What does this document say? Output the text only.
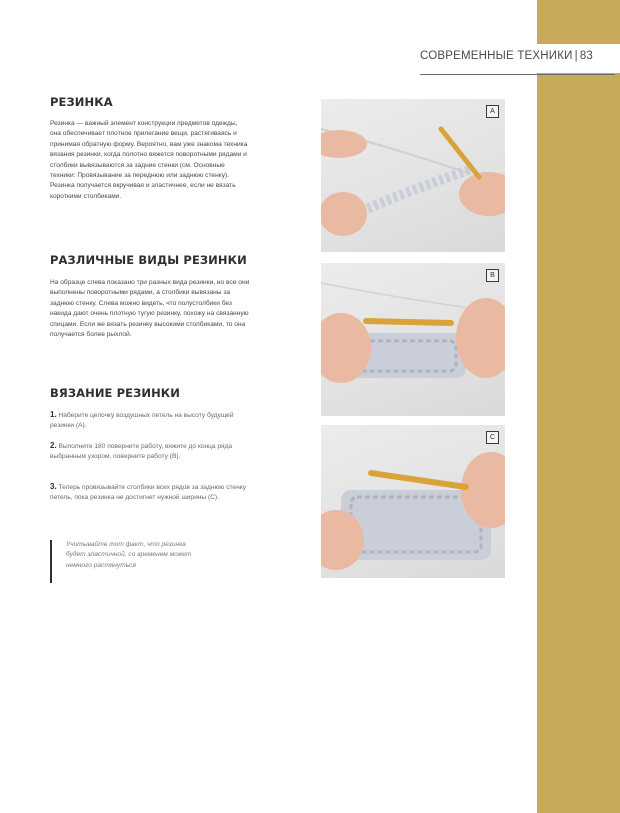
СОВРЕМЕННЫЕ ТЕХНИКИ | 83
РЕЗИНКА

Резинка — важный элемент конструкции предметов одежды, она обеспечивает плотное прилегание вещи, растягиваясь и принимая обратную форму. Вероятно, вам уже знакома техника вязания резинки, когда полотно вяжется поворотными рядами и столбики вывязываются за задние стенки (см. Основные техники: Провязывание за переднюю или заднюю стенку). Резинка получается вкручивая и эластичнее, если не вязать короткими столбиками.

РАЗЛИЧНЫЕ ВИДЫ РЕЗИНКИ

На образце слева показано три разных вида резинки, но все они выполнены поворотными рядами, а столбики вывязаны за заднюю стенку. Слева можно видеть, что полустолбики без накида дают очень плотную тугую резинку, похожу на связанную спицами. Если же вязать резинку высокими столбиками, то она получается более рыхлой.

ВЯЗАНИЕ РЕЗИНКИ

1. Наберите цепочку воздушных петель на высоту будущей резинки (A).

2. Выполните 180 поверните работу, вяжите до конца ряда выбранным узором, поверните работу (B).

3. Теперь провязывайте столбики всех рядов за заднюю стенку петель, пока резинка не достигнет нужной ширины (C).

Учитывайте тот факт, что резинка будет эластичной, со временем может немного растянуться

A
B
C
